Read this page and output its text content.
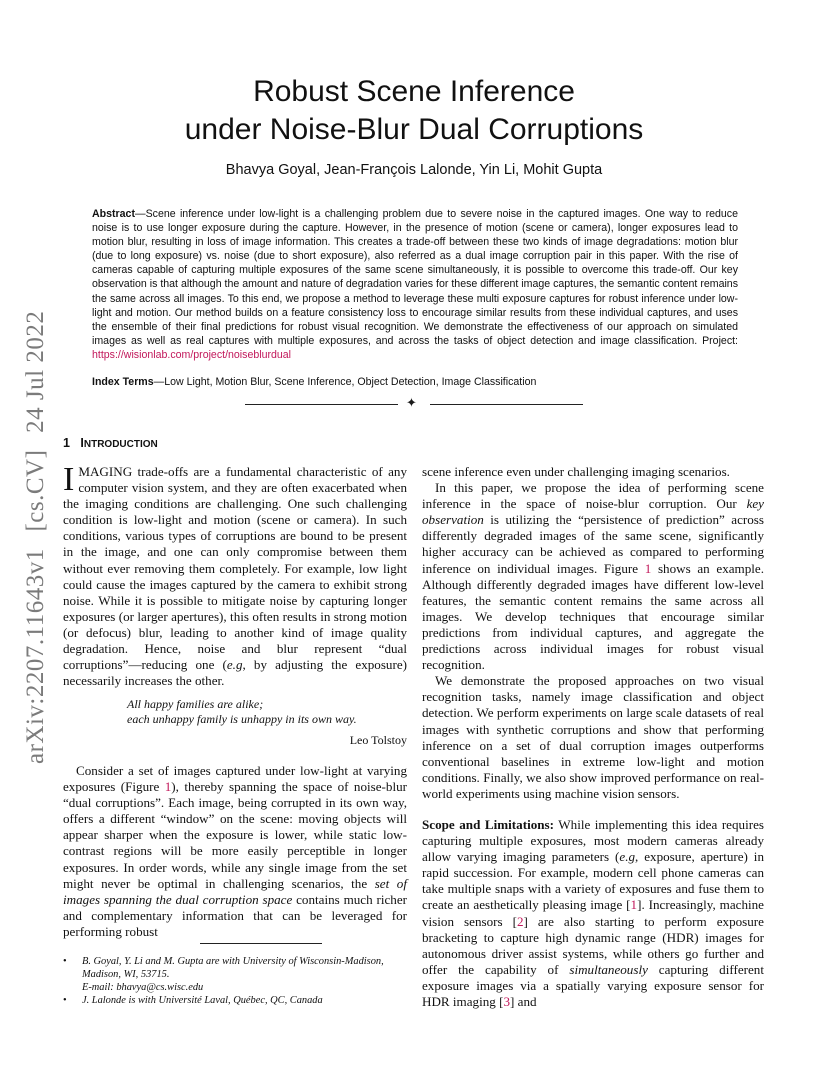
arXiv:2207.11643v1 [cs.CV] 24 Jul 2022
Robust Scene Inference
under Noise-Blur Dual Corruptions
Bhavya Goyal, Jean-François Lalonde, Yin Li, Mohit Gupta
Abstract—Scene inference under low-light is a challenging problem due to severe noise in the captured images. One way to reduce noise is to use longer exposure during the capture. However, in the presence of motion (scene or camera), longer exposures lead to motion blur, resulting in loss of image information. This creates a trade-off between these two kinds of image degradations: motion blur (due to long exposure) vs. noise (due to short exposure), also referred as a dual image corruption pair in this paper. With the rise of cameras capable of capturing multiple exposures of the same scene simultaneously, it is possible to overcome this trade-off. Our key observation is that although the amount and nature of degradation varies for these different image captures, the semantic content remains the same across all images. To this end, we propose a method to leverage these multi exposure captures for robust inference under low-light and motion. Our method builds on a feature consistency loss to encourage similar results from these individual captures, and uses the ensemble of their final predictions for robust visual recognition. We demonstrate the effectiveness of our approach on simulated images as well as real captures with multiple exposures, and across the tasks of object detection and image classification. Project: https://wisionlab.com/project/noiseblurdual
Index Terms—Low Light, Motion Blur, Scene Inference, Object Detection, Image Classification
✦
1 INTRODUCTION

IMAGING trade-offs are a fundamental characteristic of any computer vision system, and they are often exacerbated when the imaging conditions are challenging. One such challenging condition is low-light and motion (scene or camera). In such conditions, various types of corruptions are bound to be present in the image, and one can only compromise between them without ever removing them completely. For example, low light could cause the images captured by the camera to exhibit strong noise. While it is possible to mitigate noise by capturing longer exposures (or larger apertures), this often results in strong motion (or defocus) blur, leading to another kind of image quality degradation. Hence, noise and blur represent “dual corruptions”—reducing one (e.g, by adjusting the exposure) necessarily increases the other.

All happy families are alike;
each unhappy family is unhappy in its own way.
Leo Tolstoy

Consider a set of images captured under low-light at varying exposures (Figure 1), thereby spanning the space of noise-blur “dual corruptions”. Each image, being corrupted in its own way, offers a different “window” on the scene: moving objects will appear sharper when the exposure is lower, while static low-contrast regions will be more easily perceptible in longer exposures. In order words, while any single image from the set might never be optimal in challenging scenarios, the set of images spanning the dual corruption space contains much richer and complementary information that can be leveraged for performing robust

• B. Goyal, Y. Li and M. Gupta are with University of Wisconsin-Madison, Madison, WI, 53715.
E-mail: bhavya@cs.wisc.edu
• J. Lalonde is with Université Laval, Québec, QC, Canada

scene inference even under challenging imaging scenarios.

In this paper, we propose the idea of performing scene inference in the space of noise-blur corruption. Our key observation is utilizing the “persistence of prediction” across differently degraded images of the same scene, significantly higher accuracy can be achieved as compared to performing inference on individual images. Figure 1 shows an example. Although differently degraded images have different low-level features, the semantic content remains the same across all images. We develop techniques that encourage similar predictions from individual captures, and aggregate the predictions across individual images for robust visual recognition.

We demonstrate the proposed approaches on two visual recognition tasks, namely image classification and object detection. We perform experiments on large scale datasets of real images with synthetic corruptions and show that performing inference on a set of dual corruption images outperforms conventional baselines in extreme low-light and motion conditions. Finally, we also show improved performance on real-world experiments using machine vision sensors.

Scope and Limitations: While implementing this idea requires capturing multiple exposures, most modern cameras already allow varying imaging parameters (e.g, exposure, aperture) in rapid succession. For example, modern cell phone cameras can take multiple snaps with a variety of exposures and fuse them to create an aesthetically pleasing image [1]. Increasingly, machine vision sensors [2] are also starting to perform exposure bracketing to capture high dynamic range (HDR) images for autonomous driver assist systems, while others go further and offer the capability of simultaneously capturing different exposure images via a spatially varying exposure sensor for HDR imaging [3] and
